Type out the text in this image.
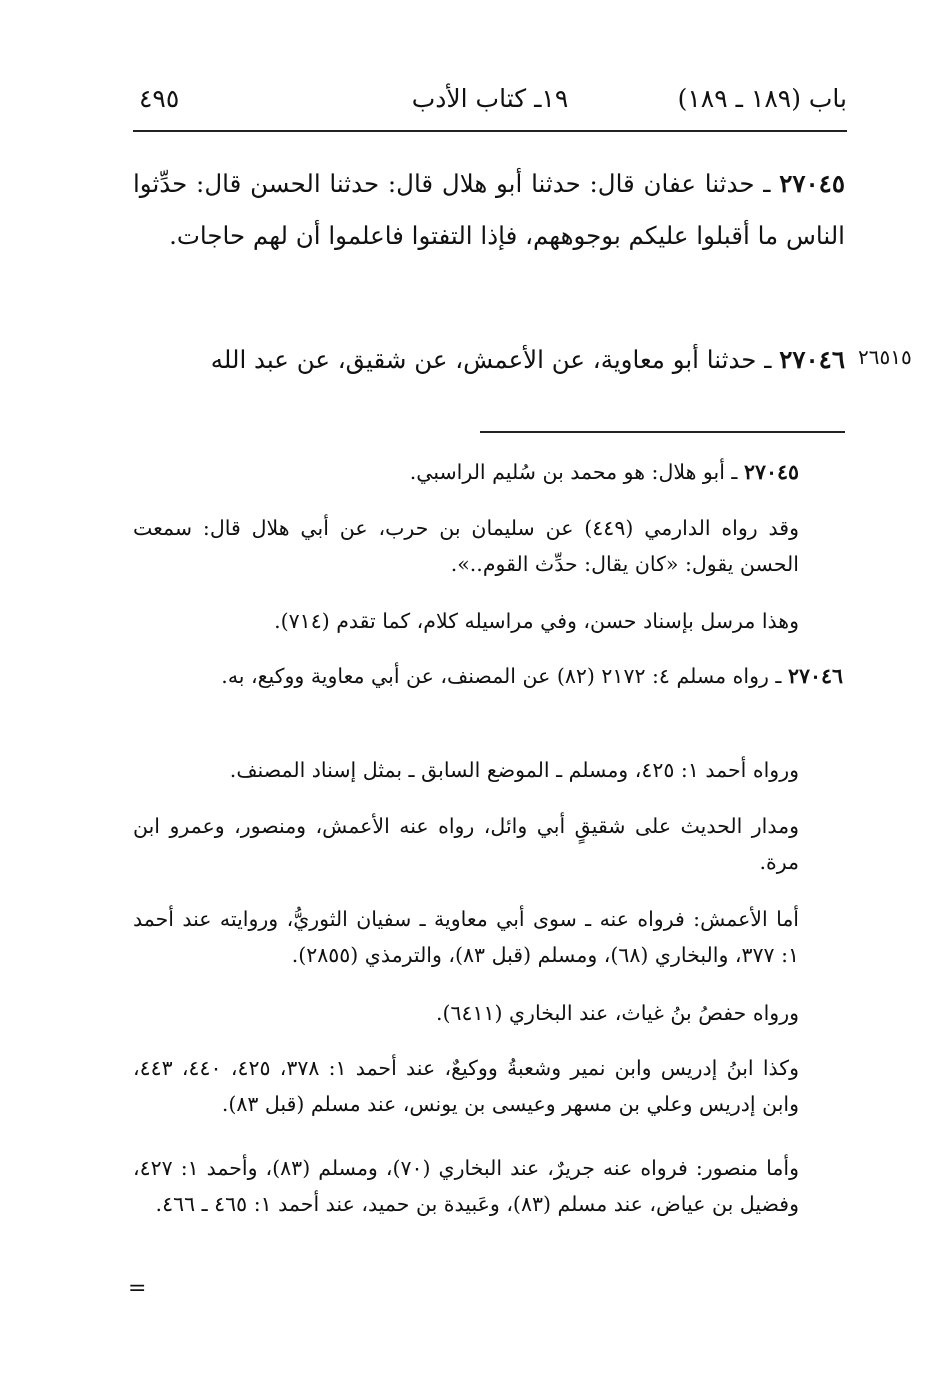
باب (١٨٩ ـ ١٨٩)
١٩ـ كتاب الأدب
٤٩٥
٢٧٠٤٥ ـ حدثنا عفان قال: حدثنا أبو هلال قال: حدثنا الحسن قال: حدِّثوا الناس ما أقبلوا عليكم بوجوههم، فإذا التفتوا فاعلموا أن لهم حاجات.
٢٦٥١٥
٢٧٠٤٦ ـ حدثنا أبو معاوية، عن الأعمش، عن شقيق، عن عبد الله
٢٧٠٤٥ ـ أبو هلال: هو محمد بن سُليم الراسبي.
وقد رواه الدارمي (٤٤٩) عن سليمان بن حرب، عن أبي هلال قال: سمعت الحسن يقول: «كان يقال: حدِّث القوم..».
وهذا مرسل بإسناد حسن، وفي مراسيله كلام، كما تقدم (٧١٤).
٢٧٠٤٦ ـ رواه مسلم ٤: ٢١٧٢ (٨٢) عن المصنف، عن أبي معاوية ووكيع، به.
ورواه أحمد ١: ٤٢٥، ومسلم ـ الموضع السابق ـ بمثل إسناد المصنف.
ومدار الحديث على شقيقٍ أبي وائل، رواه عنه الأعمش، ومنصور، وعمرو ابن مرة.
أما الأعمش: فرواه عنه ـ سوى أبي معاوية ـ سفيان الثوريُّ، وروايته عند أحمد ١: ٣٧٧، والبخاري (٦٨)، ومسلم (قبل ٨٣)، والترمذي (٢٨٥٥).
ورواه حفصُ بنُ غياث، عند البخاري (٦٤١١).
وكذا ابنُ إدريس وابن نمير وشعبةُ ووكيعٌ، عند أحمد ١: ٣٧٨، ٤٢٥، ٤٤٠، ٤٤٣، وابن إدريس وعلي بن مسهر وعيسى بن يونس، عند مسلم (قبل ٨٣).
وأما منصور: فرواه عنه جريرٌ، عند البخاري (٧٠)، ومسلم (٨٣)، وأحمد ١: ٤٢٧، وفضيل بن عياض، عند مسلم (٨٣)، وعَبيدة بن حميد، عند أحمد ١: ٤٦٥ ـ ٤٦٦.
=
